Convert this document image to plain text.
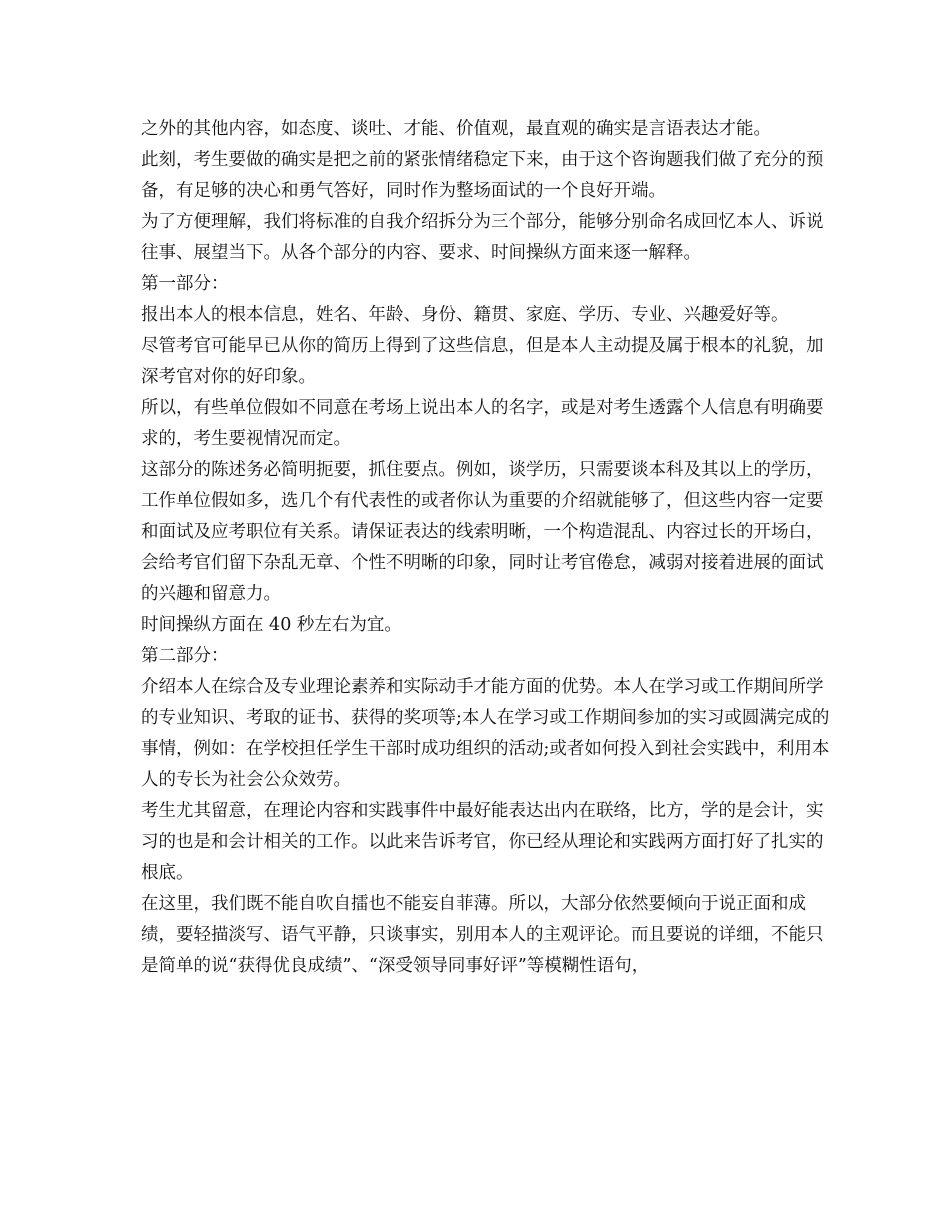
之外的其他内容，如态度、谈吐、才能、价值观，最直观的确实是言语表达才能。

此刻，考生要做的确实是把之前的紧张情绪稳定下来，由于这个咨询题我们做了充分的预备，有足够的决心和勇气答好，同时作为整场面试的一个良好开端。

为了方便理解，我们将标准的自我介绍拆分为三个部分，能够分别命名成回忆本人、诉说往事、展望当下。从各个部分的内容、要求、时间操纵方面来逐一解释。

第一部分：

报出本人的根本信息，姓名、年龄、身份、籍贯、家庭、学历、专业、兴趣爱好等。

尽管考官可能早已从你的简历上得到了这些信息，但是本人主动提及属于根本的礼貌，加深考官对你的好印象。

所以，有些单位假如不同意在考场上说出本人的名字，或是对考生透露个人信息有明确要求的，考生要视情况而定。

这部分的陈述务必简明扼要，抓住要点。例如，谈学历，只需要谈本科及其以上的学历，工作单位假如多，选几个有代表性的或者你认为重要的介绍就能够了，但这些内容一定要和面试及应考职位有关系。请保证表达的线索明晰，一个构造混乱、内容过长的开场白，会给考官们留下杂乱无章、个性不明晰的印象，同时让考官倦怠，减弱对接着进展的面试的兴趣和留意力。

时间操纵方面在 40 秒左右为宜。

第二部分：

介绍本人在综合及专业理论素养和实际动手才能方面的优势。本人在学习或工作期间所学的专业知识、考取的证书、获得的奖项等;本人在学习或工作期间参加的实习或圆满完成的事情，例如：在学校担任学生干部时成功组织的活动;或者如何投入到社会实践中，利用本人的专长为社会公众效劳。

考生尤其留意，在理论内容和实践事件中最好能表达出内在联络，比方，学的是会计，实习的也是和会计相关的工作。以此来告诉考官，你已经从理论和实践两方面打好了扎实的根底。

在这里，我们既不能自吹自擂也不能妄自菲薄。所以，大部分依然要倾向于说正面和成绩，要轻描淡写、语气平静，只谈事实，别用本人的主观评论。而且要说的详细，不能只是简单的说“获得优良成绩”、“深受领导同事好评”等模糊性语句，
